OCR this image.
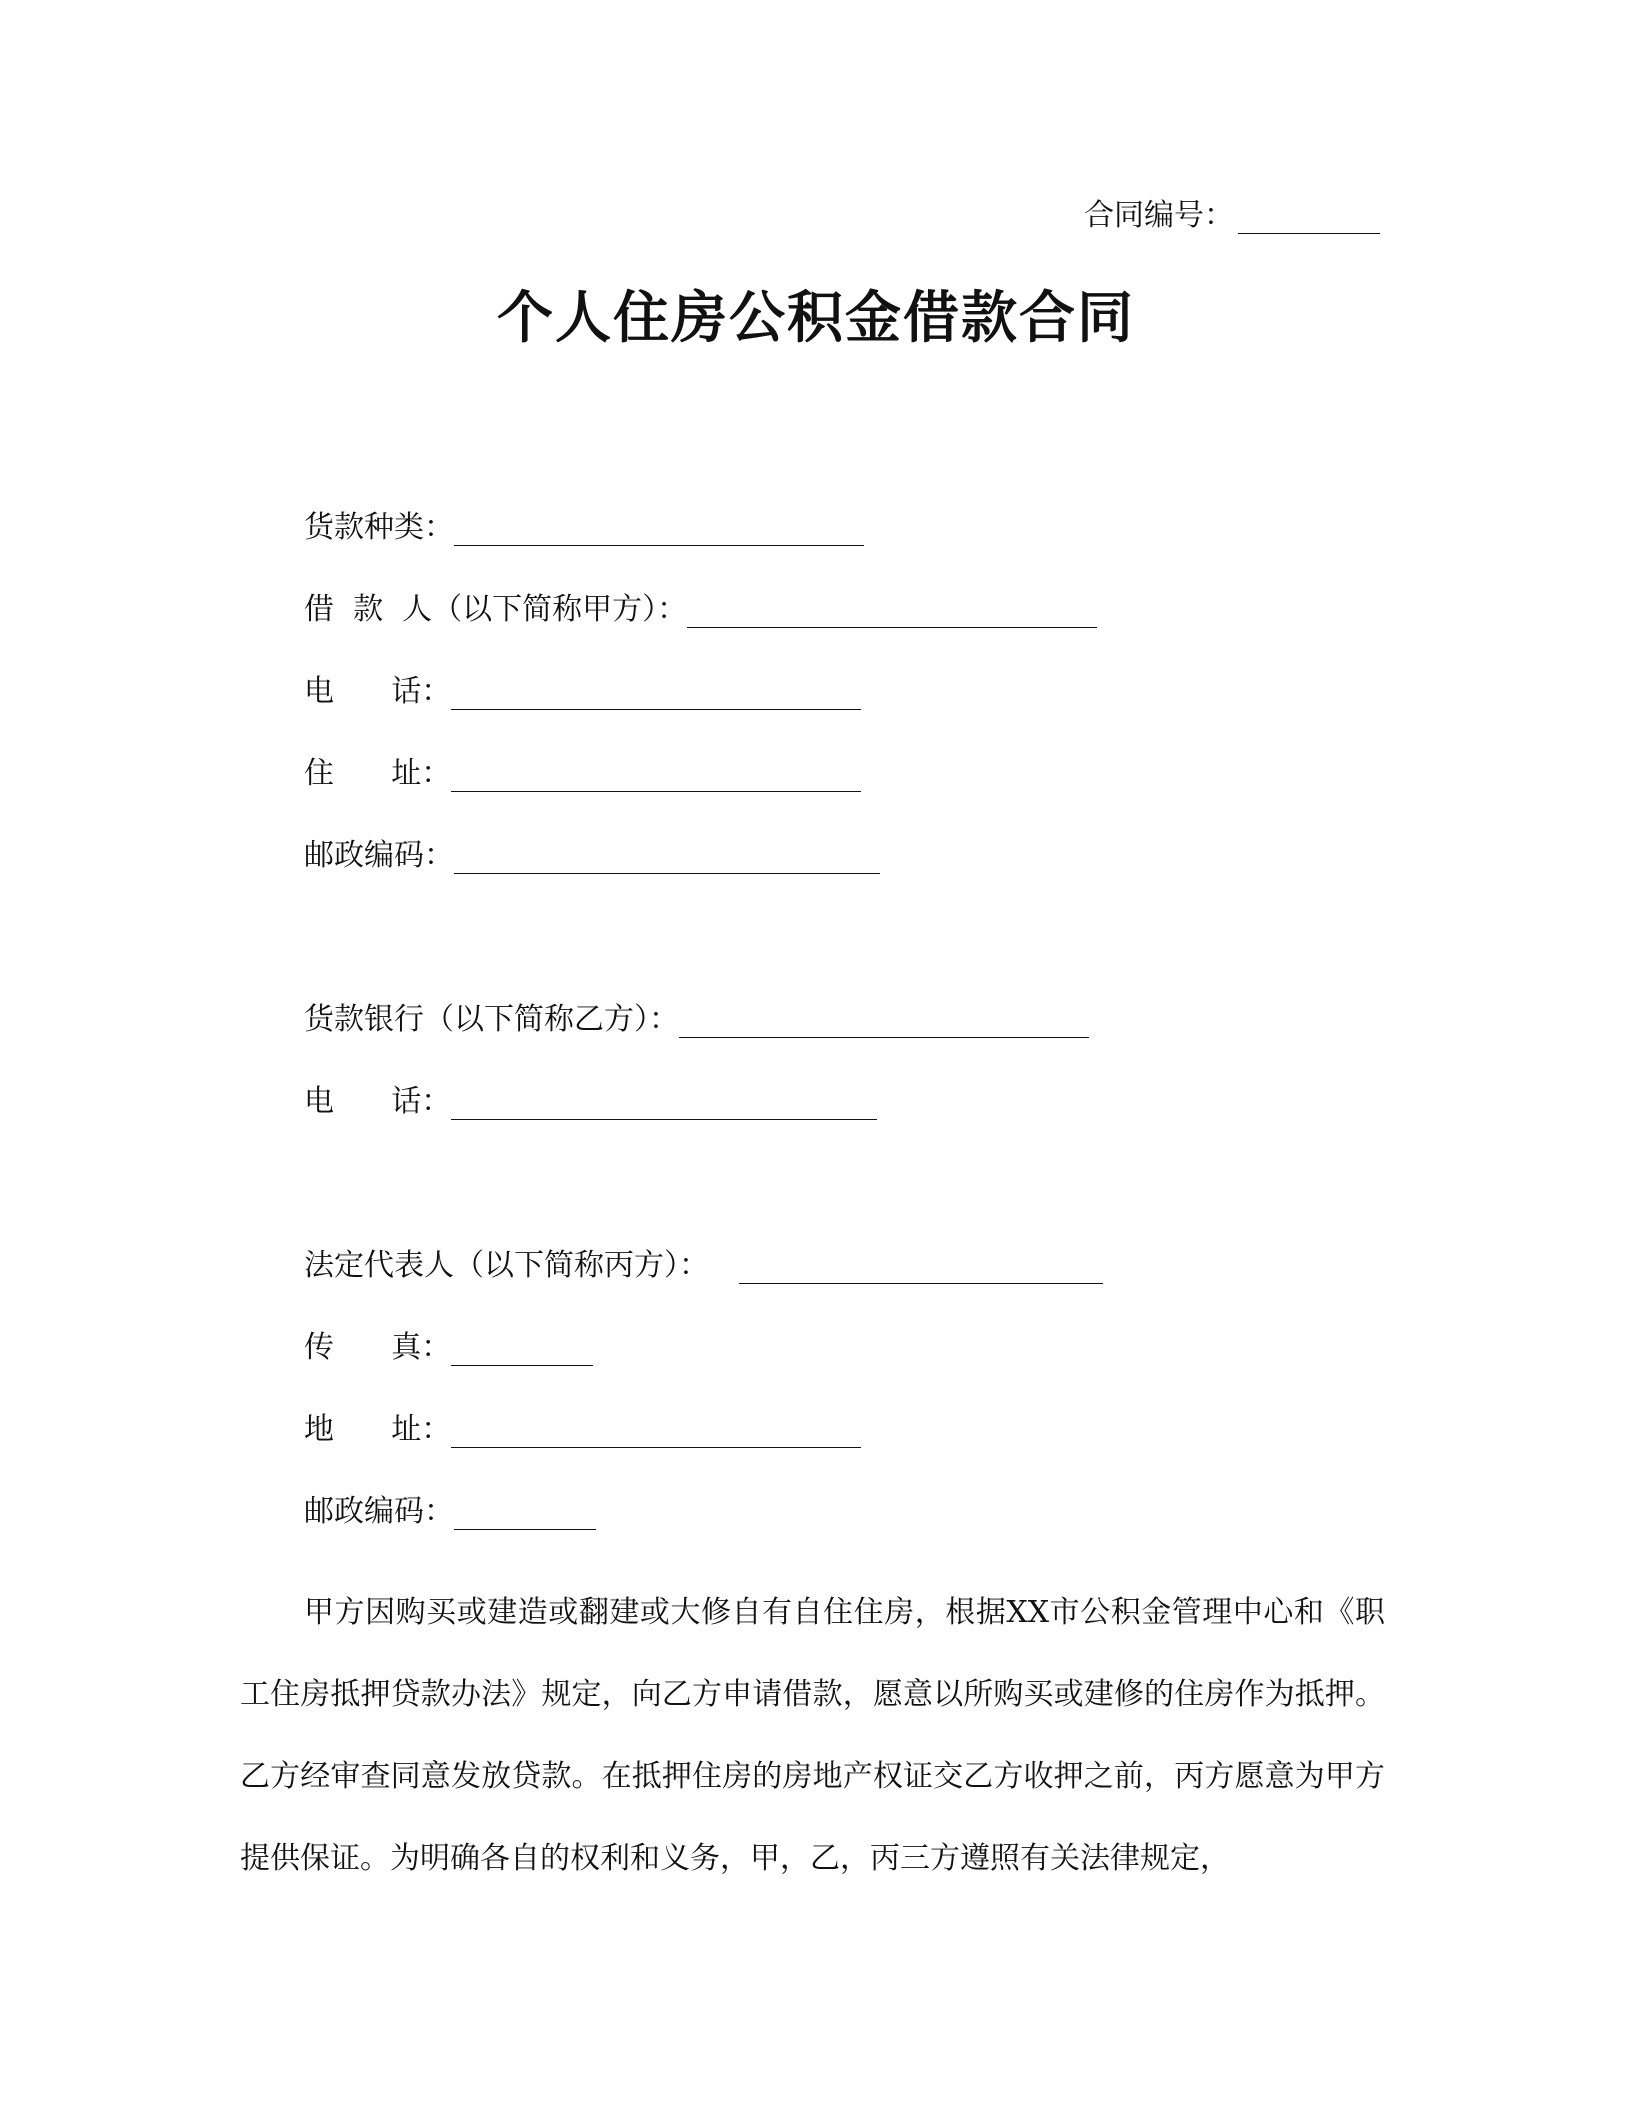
合同编号：
个人住房公积金借款合同
货款种类：
借  款  人（以下简称甲方）：
电      话：
住      址：
邮政编码：
货款银行（以下简称乙方）：
电      话：
法定代表人（以下简称丙方）：
传      真：
地      址：
邮政编码：
甲方因购买或建造或翻建或大修自有自住住房，根据XX市公积金管理中心和《职工住房抵押贷款办法》规定，向乙方申请借款，愿意以所购买或建修的住房作为抵押。乙方经审查同意发放贷款。在抵押住房的房地产权证交乙方收押之前，丙方愿意为甲方提供保证。为明确各自的权利和义务，甲，乙，丙三方遵照有关法律规定，
